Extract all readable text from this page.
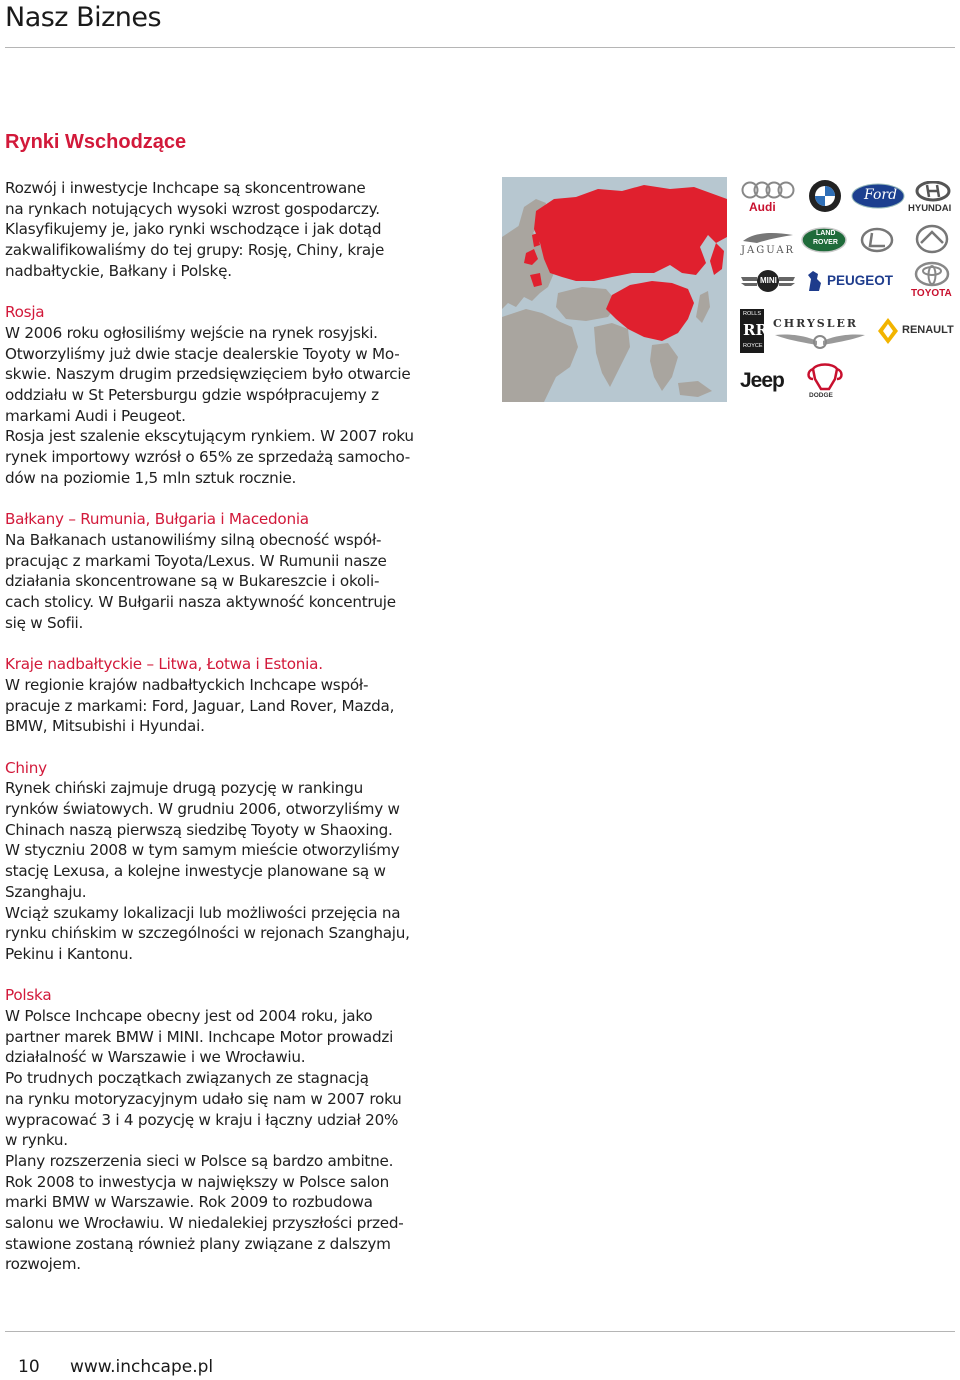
Nasz Biznes
Rynki Wschodzące

Rozwój i inwestycje Inchcape są skoncentrowane

na rynkach notujących wysoki wzrost gospodarczy.

Klasyfikujemy je, jako rynki wschodzące i jak dotąd

zakwalifikowaliśmy do tej grupy: Rosję, Chiny, kraje

nadbałtyckie, Bałkany i Polskę.

Rosja

W 2006 roku ogłosiliśmy wejście na rynek rosyjski.

Otworzyliśmy już dwie stacje dealerskie Toyoty w Mo-

skwie. Naszym drugim przedsięwzięciem było otwarcie

oddziału w St Petersburgu gdzie współpracujemy z

markami Audi i Peugeot.

Rosja jest szalenie ekscytującym rynkiem. W 2007 roku

rynek importowy wzrósł o 65% ze sprzedażą samocho-

dów na poziomie 1,5 mln sztuk rocznie.

Bałkany – Rumunia, Bułgaria i Macedonia

Na Bałkanach ustanowiliśmy silną obecność współ-

pracując z markami Toyota/Lexus. W Rumunii nasze

działania skoncentrowane są w Bukareszcie i okoli-

cach stolicy. W Bułgarii nasza aktywność koncentruje

się w Sofii.

Kraje nadbałtyckie – Litwa, Łotwa i Estonia.

W regionie krajów nadbałtyckich Inchcape współ-

pracuje z markami: Ford, Jaguar, Land Rover, Mazda,

BMW, Mitsubishi i Hyundai.

Chiny

Rynek chiński zajmuje drugą pozycję w rankingu

rynków światowych. W grudniu 2006, otworzyliśmy w

Chinach naszą pierwszą siedzibę Toyoty w Shaoxing.

W styczniu 2008 w tym samym mieście otworzyliśmy

stację Lexusa, a kolejne inwestycje planowane są w

Szanghaju.

Wciąż szukamy lokalizacji lub możliwości przejęcia na

rynku chińskim w szczególności w rejonach Szanghaju,

Pekinu i Kantonu.

Polska

W Polsce Inchcape obecny jest od 2004 roku, jako

partner marek BMW i MINI. Inchcape Motor prowadzi

działalność w Warszawie i we Wrocławiu.

Po trudnych początkach związanych ze stagnacją

na rynku motoryzacyjnym udało się nam w 2007 roku

wypracować 3 i 4 pozycję w kraju i łączny udział 20%

w rynku.

Plany rozszerzenia sieci w Polsce są bardzo ambitne.

Rok 2008 to inwestycja w największy w Polsce salon

marki BMW w Warszawie. Rok 2009 to rozbudowa

salonu we Wrocławiu. W niedalekiej przyszłości przed-

stawione zostaną również plany związane z dalszym

rozwojem.

Audi
Ford
HYUNDAI
JAGUAR
LAND
ROVER
MINI	PEUGEOT
TOYOTA
ROLLS
RR
ROYCE
CHRYSLER	RENAULT
Jeep
DODGE
10 www.inchcape.pl
